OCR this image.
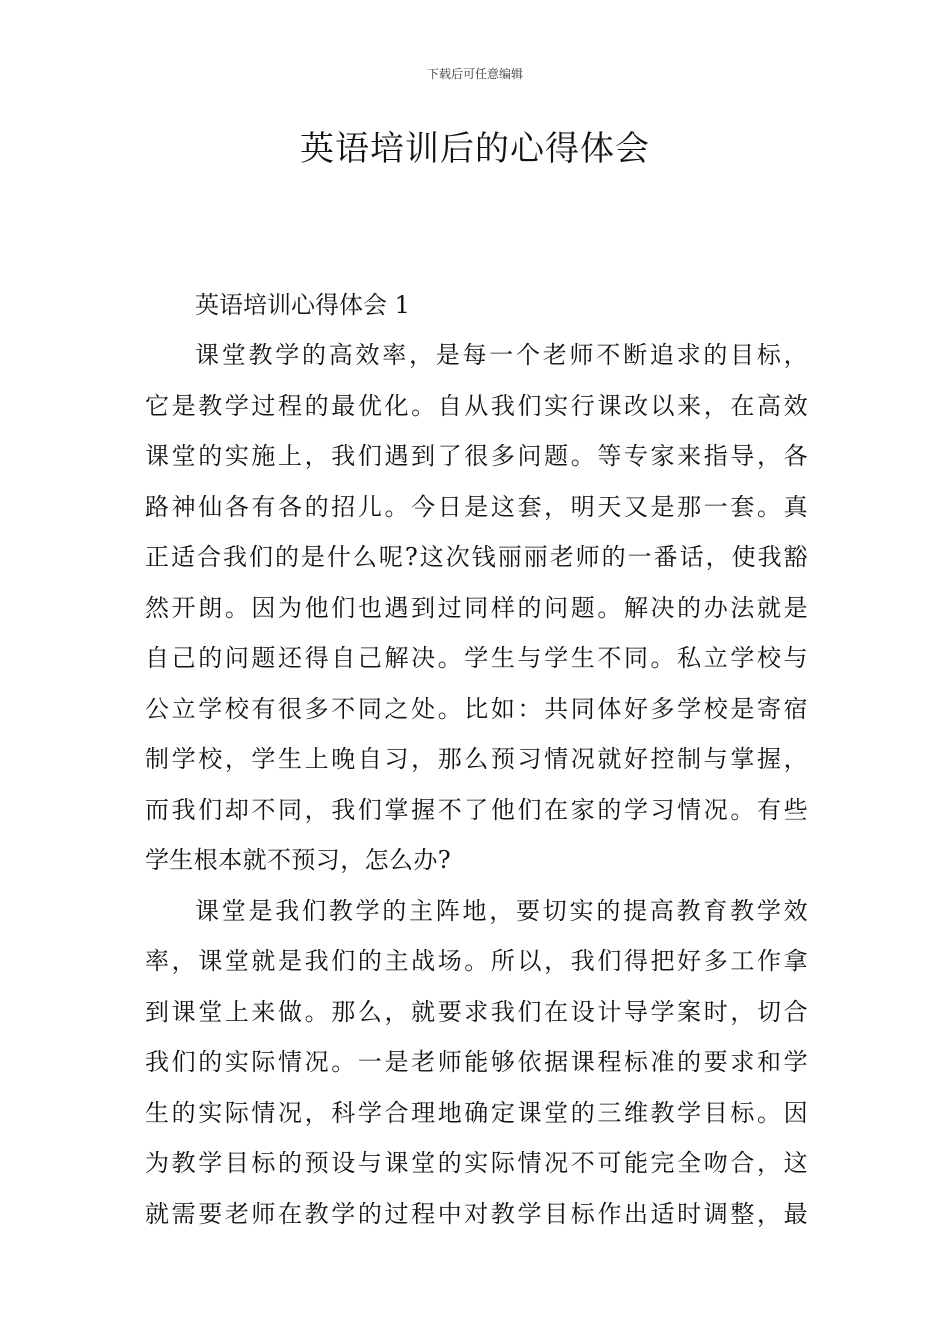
下载后可任意编辑
英语培训后的心得体会

英语培训心得体会 1

课堂教学的高效率，是每一个老师不断追求的目标，
它是教学过程的最优化。自从我们实行课改以来，在高效
课堂的实施上，我们遇到了很多问题。等专家来指导，各
路神仙各有各的招儿。今日是这套，明天又是那一套。真
正适合我们的是什么呢?这次钱丽丽老师的一番话，使我豁
然开朗。因为他们也遇到过同样的问题。解决的办法就是
自己的问题还得自己解决。学生与学生不同。私立学校与
公立学校有很多不同之处。比如：共同体好多学校是寄宿
制学校，学生上晚自习，那么预习情况就好控制与掌握，
而我们却不同，我们掌握不了他们在家的学习情况。有些
学生根本就不预习，怎么办?

课堂是我们教学的主阵地，要切实的提高教育教学效
率，课堂就是我们的主战场。所以，我们得把好多工作拿
到课堂上来做。那么，就要求我们在设计导学案时，切合
我们的实际情况。一是老师能够依据课程标准的要求和学
生的实际情况，科学合理地确定课堂的三维教学目标。因
为教学目标的预设与课堂的实际情况不可能完全吻合，这
就需要老师在教学的过程中对教学目标作出适时调整，最
